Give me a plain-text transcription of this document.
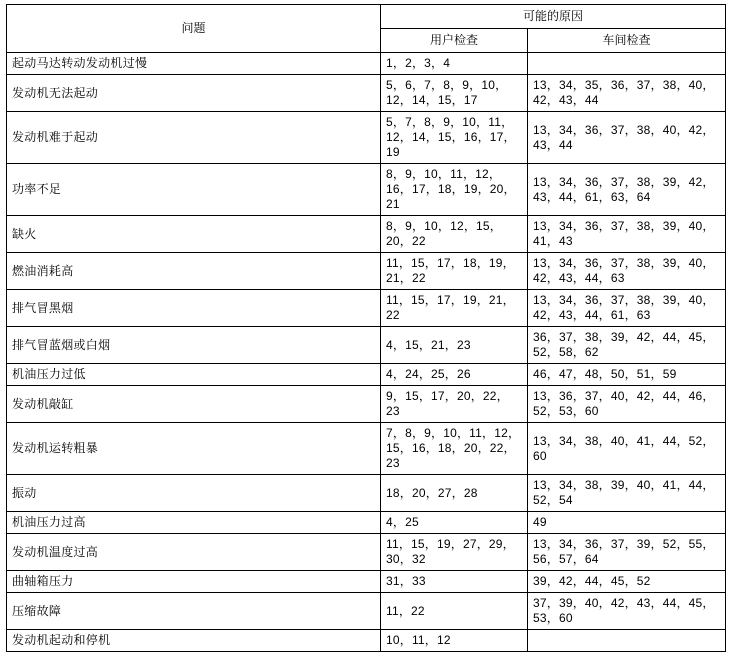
问题	可能的原因	
	用户检查	车间检查
起动马达转动发动机过慢	1，2，3，4	
发动机无法起动	5，6，7，8，9，10，12，14，15，17	13，34，35，36，37，38，40，42，43，44
发动机难于起动	5，7，8，9，10，11，12，14，15，16，17，19	13，34，36，37，38，40，42，43，44
功率不足	8，9，10，11，12，16，17，18，19，20，21	13，34，36，37，38，39，42，43，44，61，63，64
缺火	8，9，10，12，15，20，22	13，34，36，37，38，39，40，41，43
燃油消耗高	11，15，17，18，19，21，22	13，34，36，37，38，39，40，42，43，44，63
排气冒黑烟	11，15，17，19，21，22	13，34，36，37，38，39，40，42，43，44，61，63
排气冒蓝烟或白烟	4，15，21，23	36，37，38，39，42，44，45，52，58，62
机油压力过低	4，24，25，26	46，47，48，50，51，59
发动机敲缸	9，15，17，20，22，23	13，36，37，40，42，44，46，52，53，60
发动机运转粗暴	7，8，9，10，11，12，15，16，18，20，22，23	13，34，38，40，41，44，52，60
振动	18，20，27，28	13，34，38，39，40，41，44，52，54
机油压力过高	4，25	49
发动机温度过高	11，15，19，27，29，30，32	13，34，36，37，39，52，55，56，57，64
曲轴箱压力	31，33	39，42，44，45，52
压缩故障	11，22	37，39，40，42，43，44，45，53，60
发动机起动和停机	10，11，12	
